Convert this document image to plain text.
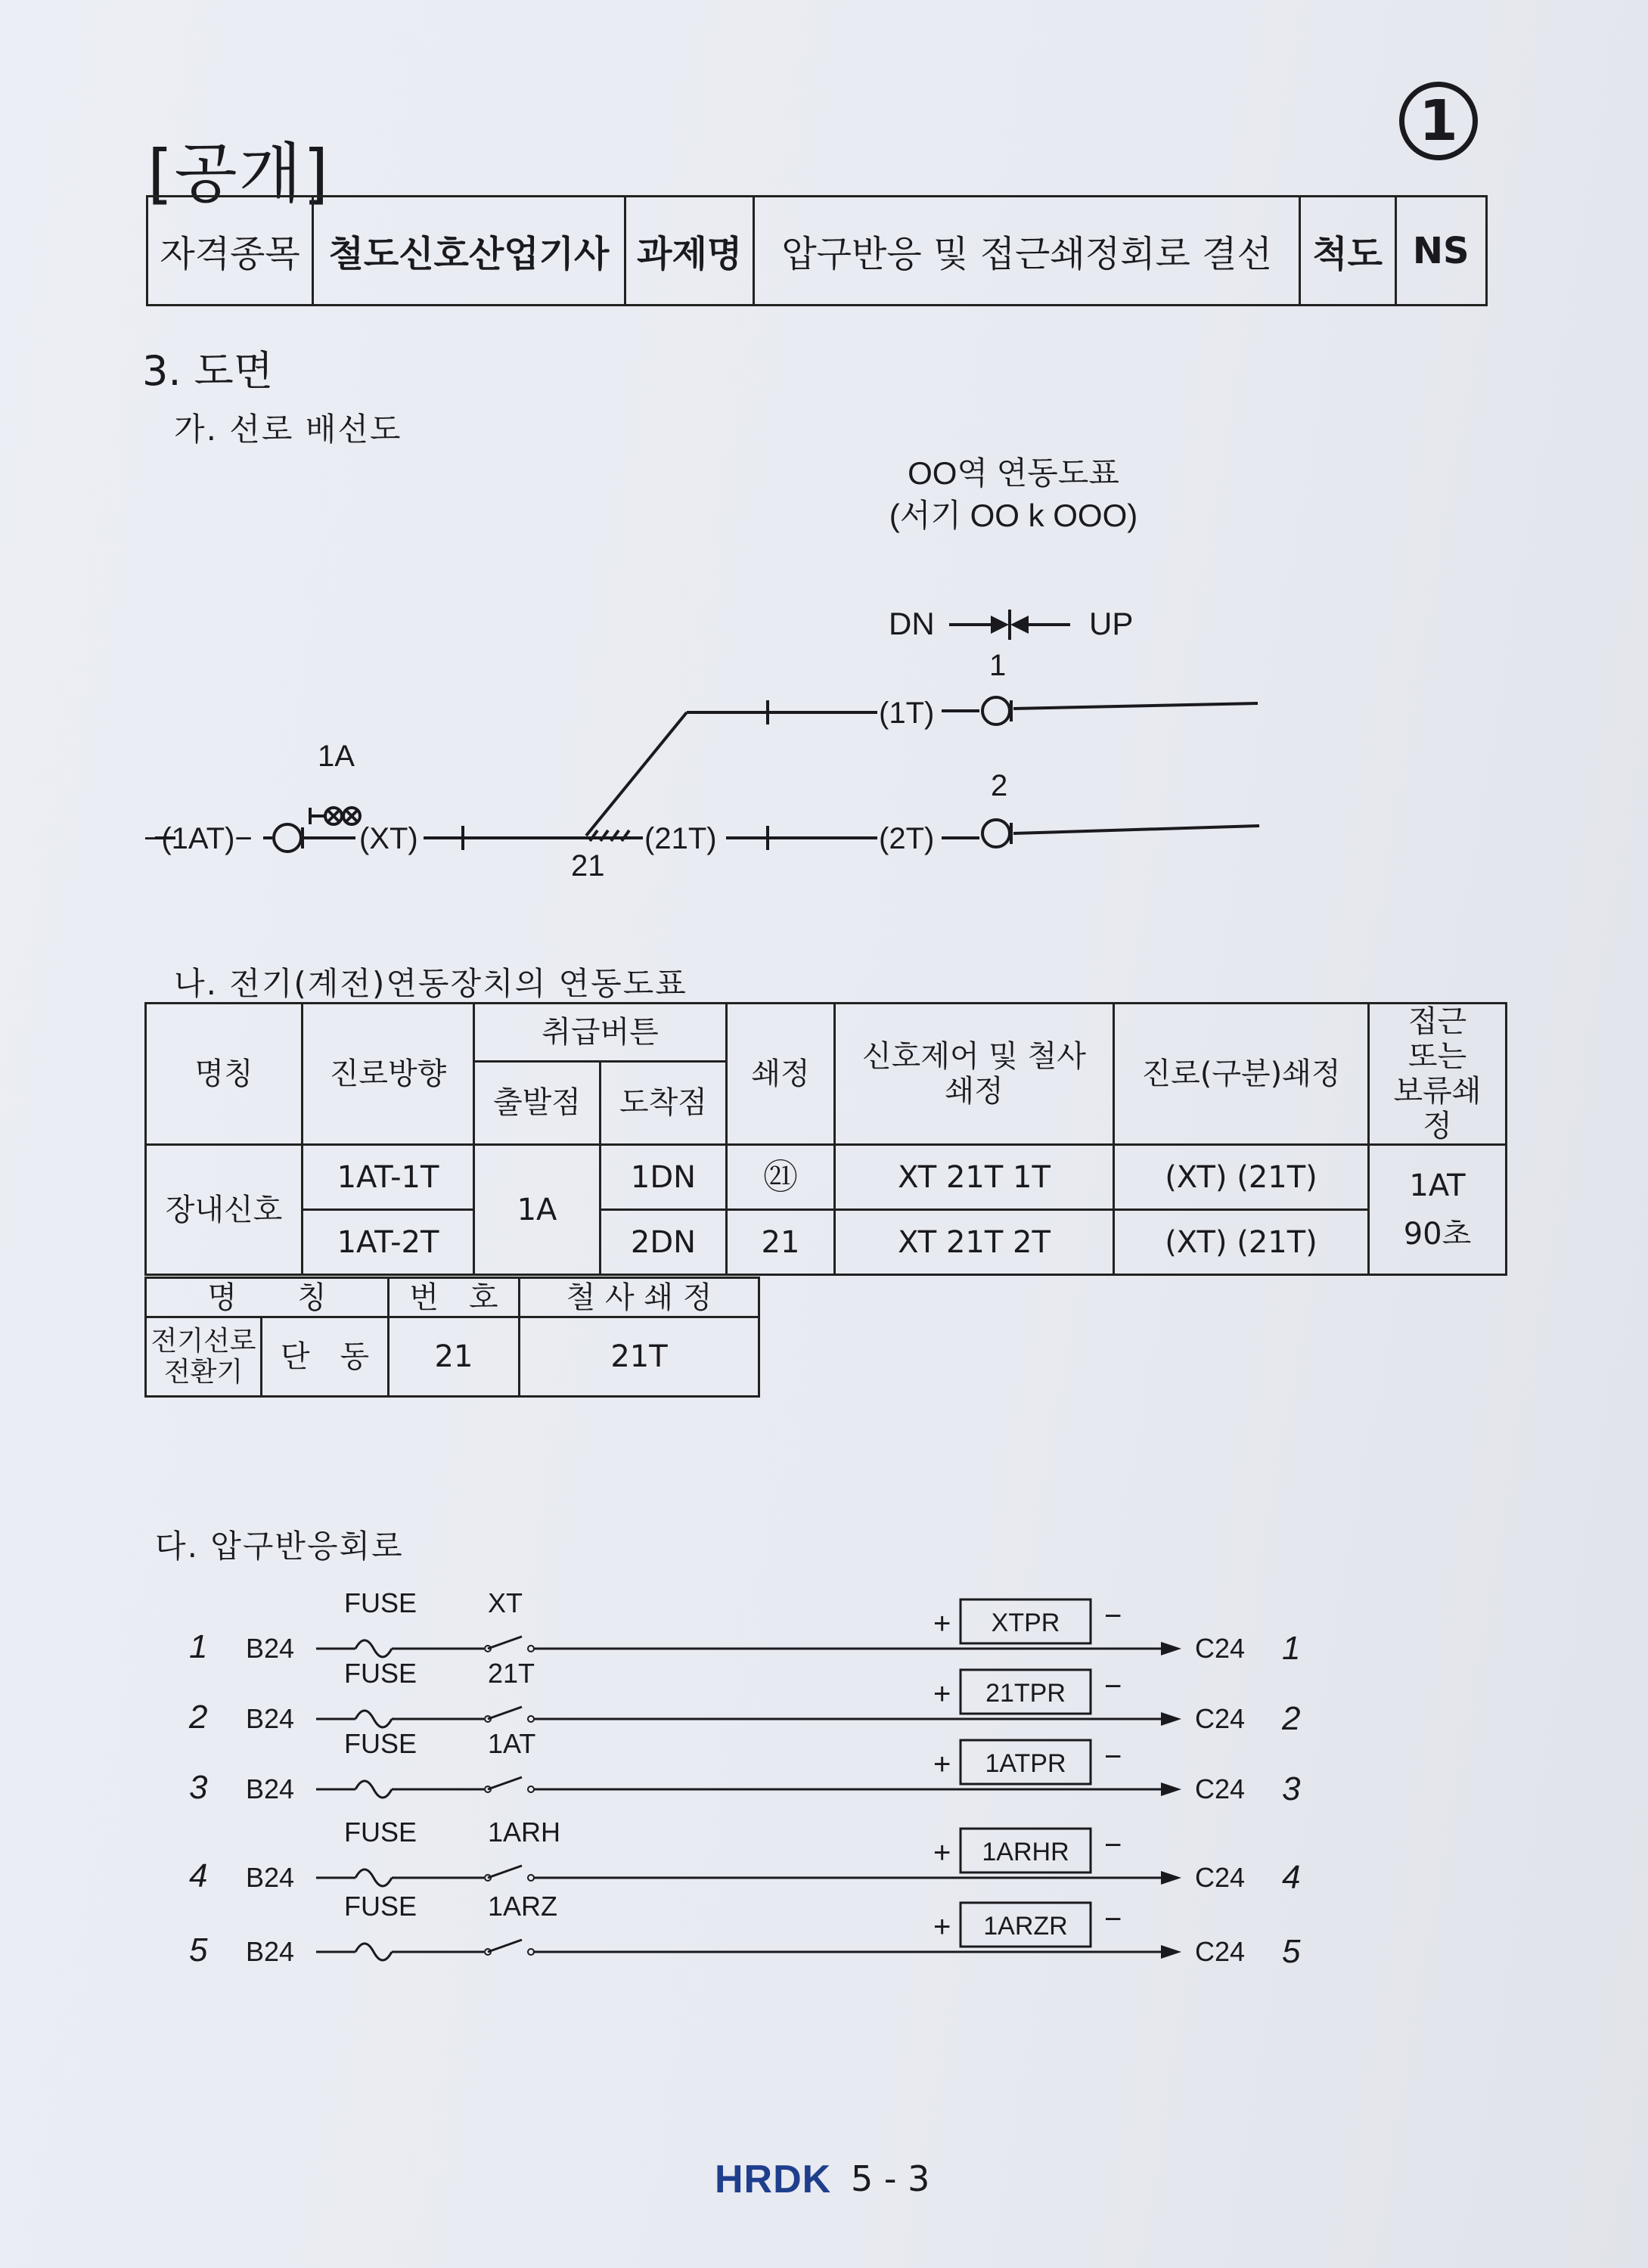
[공개]
1
자격종목	철도신호산업기사	과제명	압구반응 및 접근쇄정회로 결선	척도	NS
3. 도면
가. 선로 배선도
OO역 연동도표
(서기 OO k OOO)
DN	UP
−(1AT)−	(XT)	(21T)
(1T)
(2T)
1A
1
2
21
나. 전기(계전)연동장치의 연동도표
명칭	진로방향	취급버튼		쇄정	신호제어 및 철사쇄정	진로(구분)쇄정	접근 또는 보류쇄정
		출발점	도착점				
장내신호	1AT-1T	1A	1DN	㉑	XT 21T 1T	(XT) (21T)	1AT
90초

	1AT-2T		2DN	21	XT 21T 2T	(XT) (21T)	
명　　칭		번　호	철 사 쇄 정

전기선로
전환기	단　동	21	21T
다. 압구반응회로
1 B24
FUSE	XT
XTPR
+	−
C24 1
2 B24
FUSE	21T
21TPR
+	−
C24 2
3 B24
FUSE	1AT
1ATPR
+	−
C24 3
4 B24
FUSE	1ARH
1ARHR
+	−
C24 4
5 B24
FUSE	1ARZ
1ARZR
+	−
C24 5
HRDK 5 - 3
